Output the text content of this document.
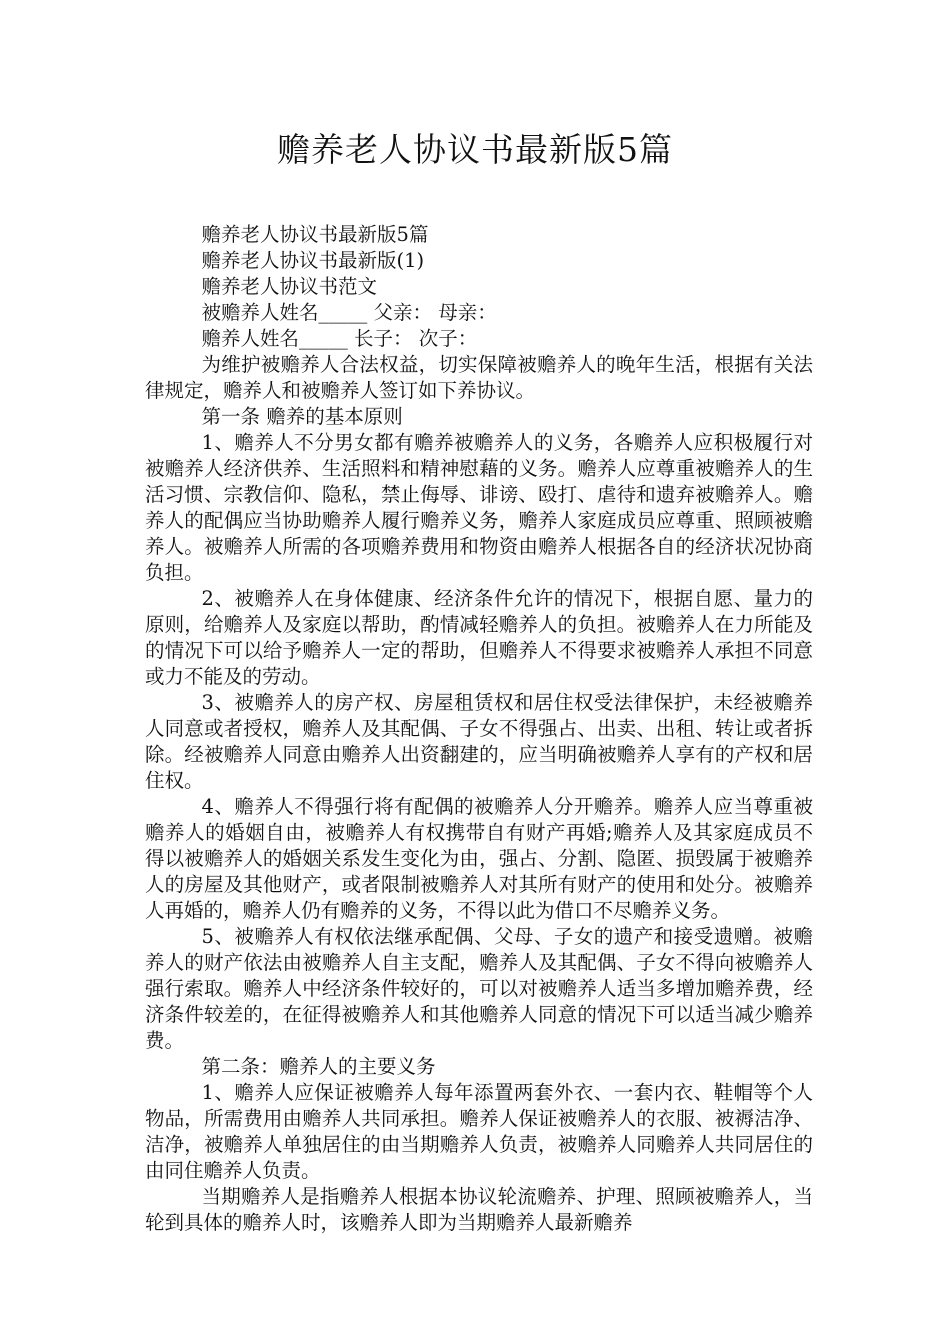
赡养老人协议书最新版5篇

赡养老人协议书最新版5篇

赡养老人协议书最新版(1)

赡养老人协议书范文

被赡养人姓名_____ 父亲： 母亲：

赡养人姓名_____ 长子： 次子：

为维护被赡养人合法权益，切实保障被赡养人的晚年生活，根据有关法律规定，赡养人和被赡养人签订如下养协议。

第一条 赡养的基本原则

1、赡养人不分男女都有赡养被赡养人的义务，各赡养人应积极履行对被赡养人经济供养、生活照料和精神慰藉的义务。赡养人应尊重被赡养人的生活习惯、宗教信仰、隐私，禁止侮辱、诽谤、殴打、虐待和遗弃被赡养人。赡养人的配偶应当协助赡养人履行赡养义务，赡养人家庭成员应尊重、照顾被赡养人。被赡养人所需的各项赡养费用和物资由赡养人根据各自的经济状况协商负担。

2、被赡养人在身体健康、经济条件允许的情况下，根据自愿、量力的原则，给赡养人及家庭以帮助，酌情减轻赡养人的负担。被赡养人在力所能及的情况下可以给予赡养人一定的帮助，但赡养人不得要求被赡养人承担不同意或力不能及的劳动。

3、被赡养人的房产权、房屋租赁权和居住权受法律保护，未经被赡养人同意或者授权，赡养人及其配偶、子女不得强占、出卖、出租、转让或者拆除。经被赡养人同意由赡养人出资翻建的，应当明确被赡养人享有的产权和居住权。

4、赡养人不得强行将有配偶的被赡养人分开赡养。赡养人应当尊重被赡养人的婚姻自由，被赡养人有权携带自有财产再婚;赡养人及其家庭成员不得以被赡养人的婚姻关系发生变化为由，强占、分割、隐匿、损毁属于被赡养人的房屋及其他财产，或者限制被赡养人对其所有财产的使用和处分。被赡养人再婚的，赡养人仍有赡养的义务，不得以此为借口不尽赡养义务。

5、被赡养人有权依法继承配偶、父母、子女的遗产和接受遗赠。被赡养人的财产依法由被赡养人自主支配，赡养人及其配偶、子女不得向被赡养人强行索取。赡养人中经济条件较好的，可以对被赡养人适当多增加赡养费，经济条件较差的，在征得被赡养人和其他赡养人同意的情况下可以适当减少赡养费。

第二条：赡养人的主要义务

1、赡养人应保证被赡养人每年添置两套外衣、一套内衣、鞋帽等个人物品，所需费用由赡养人共同承担。赡养人保证被赡养人的衣服、被褥洁净、洁净，被赡养人单独居住的由当期赡养人负责，被赡养人同赡养人共同居住的由同住赡养人负责。

当期赡养人是指赡养人根据本协议轮流赡养、护理、照顾被赡养人，当轮到具体的赡养人时，该赡养人即为当期赡养人最新赡养
